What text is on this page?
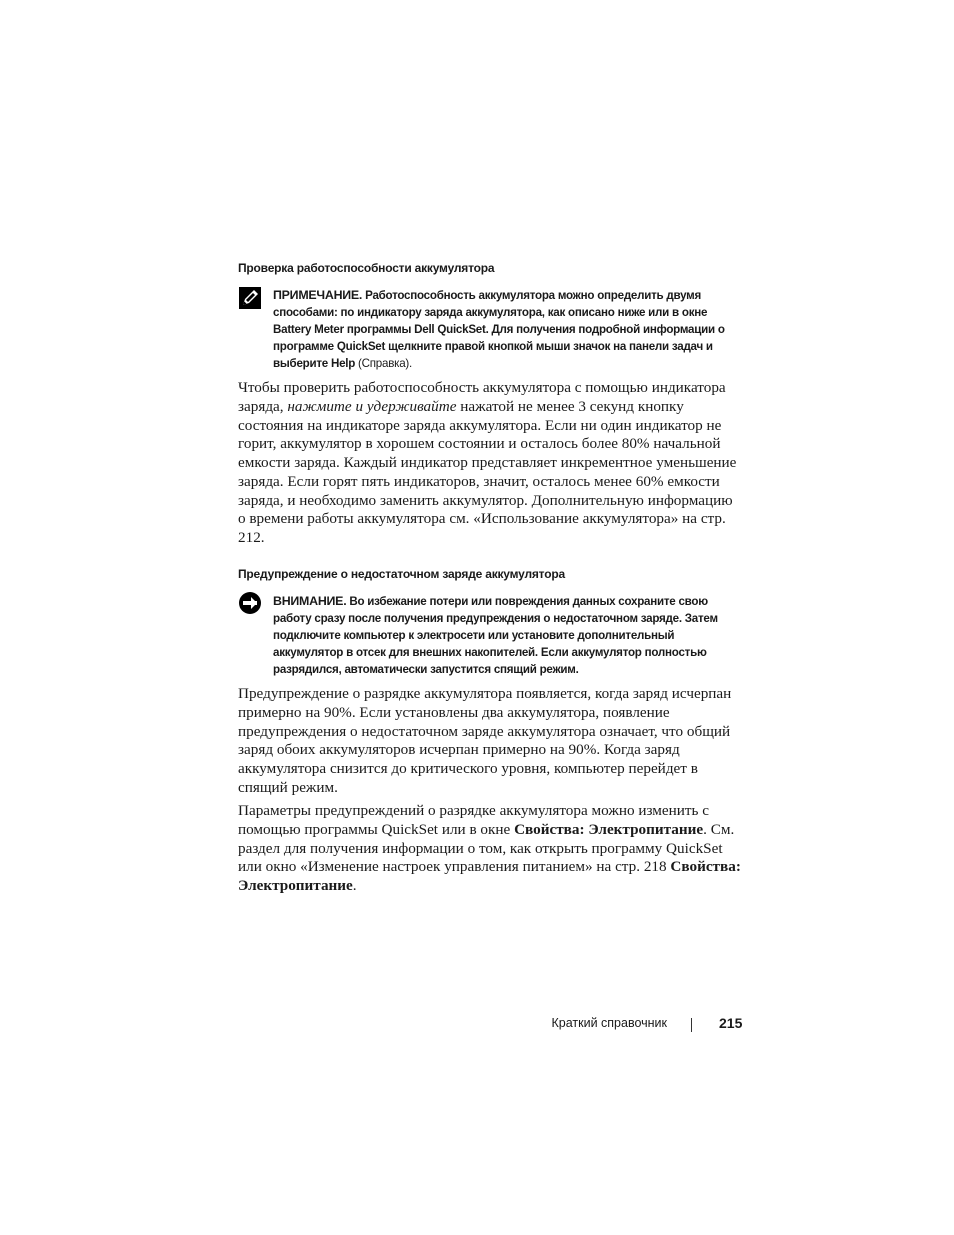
Проверка работоспособности аккумулятора

ПРИМЕЧАНИЕ. Работоспособность аккумулятора можно определить двумя способами: по индикатору заряда аккумулятора, как описано ниже или в окне Battery Meter программы Dell QuickSet. Для получения подробной информации о программе QuickSet щелкните правой кнопкой мыши значок на панели задач и выберите Help (Справка).

Чтобы проверить работоспособность аккумулятора с помощью индикатора заряда, нажмите и удерживайте нажатой не менее 3 секунд кнопку состояния на индикаторе заряда аккумулятора. Если ни один индикатор не горит, аккумулятор в хорошем состоянии и осталось более 80% начальной емкости заряда. Каждый индикатор представляет инкрементное уменьшение заряда. Если горят пять индикаторов, значит, осталось менее 60% емкости заряда, и необходимо заменить аккумулятор. Дополнительную информацию о времени работы аккумулятора см. «Использование аккумулятора» на стр. 212.

Предупреждение о недостаточном заряде аккумулятора

ВНИМАНИЕ. Во избежание потери или повреждения данных сохраните свою работу сразу после получения предупреждения о недостаточном заряде. Затем подключите компьютер к электросети или установите дополнительный аккумулятор в отсек для внешних накопителей. Если аккумулятор полностью разрядился, автоматически запустится спящий режим.

Предупреждение о разрядке аккумулятора появляется, когда заряд исчерпан примерно на 90%. Если установлены два аккумулятора, появление предупреждения о недостаточном заряде аккумулятора означает, что общий заряд обоих аккумуляторов исчерпан примерно на 90%. Когда заряд аккумулятора снизится до критического уровня, компьютер перейдет в спящий режим.

Параметры предупреждений о разрядке аккумулятора можно изменить с помощью программы QuickSet или в окне Свойства: Электропитание. См. раздел для получения информации о том, как открыть программу QuickSet или окно «Изменение настроек управления питанием» на стр. 218 Свойства: Электропитание.

Краткий справочник	215
